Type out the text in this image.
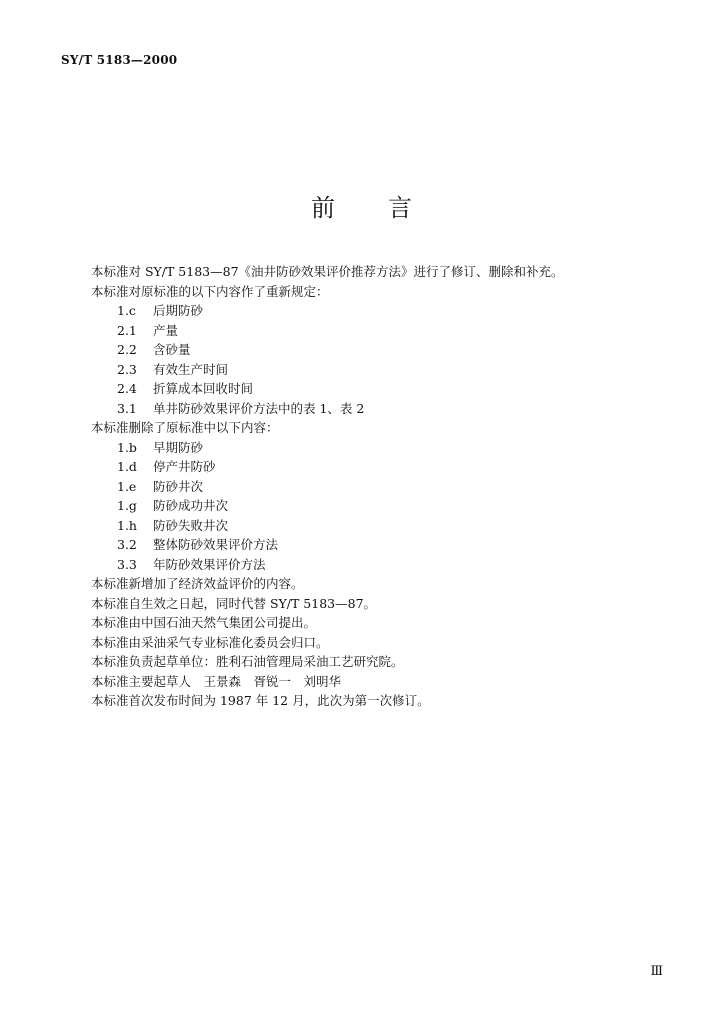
SY/T 5183—2000
前 言
本标准对 SY/T 5183—87《油井防砂效果评价推荐方法》进行了修订、删除和补充。
本标准对原标准的以下内容作了重新规定：
1.c 后期防砂
2.1 产量
2.2 含砂量
2.3 有效生产时间
2.4 折算成本回收时间
3.1 单井防砂效果评价方法中的表 1、表 2
本标准删除了原标准中以下内容：
1.b 早期防砂
1.d 停产井防砂
1.e 防砂井次
1.g 防砂成功井次
1.h 防砂失败井次
3.2 整体防砂效果评价方法
3.3 年防砂效果评价方法
本标准新增加了经济效益评价的内容。
本标准自生效之日起，同时代替 SY/T 5183—87。
本标准由中国石油天然气集团公司提出。
本标准由采油采气专业标准化委员会归口。
本标准负责起草单位：胜利石油管理局采油工艺研究院。
本标准主要起草人　王景森　胥锐一　刘明华
本标准首次发布时间为 1987 年 12 月，此次为第一次修订。
Ⅲ
